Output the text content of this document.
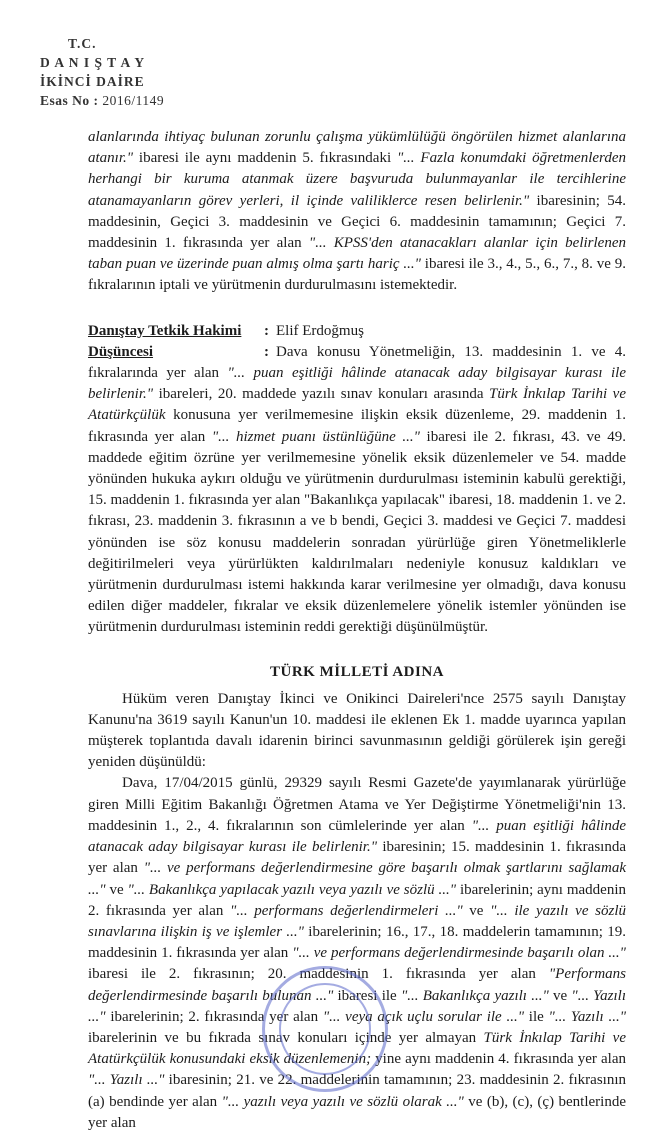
T.C.
D A N I Ş T A Y
İKİNCİ DAİRE
Esas No : 2016/1149

alanlarında ihtiyaç bulunan zorunlu çalışma yükümlülüğü öngörülen hizmet alanlarına atanır." ibaresi ile aynı maddenin 5. fıkrasındaki "... Fazla konumdaki öğretmenlerden herhangi bir kuruma atanmak üzere başvuruda bulunmayanlar ile tercihlerine atanamayanların görev yerleri, il içinde valiliklerce resen belirlenir." ibaresinin; 54. maddesinin, Geçici 3. maddesinin ve Geçici 6. maddesinin tamamının; Geçici 7. maddesinin 1. fıkrasında yer alan "... KPSS'den atanacakları alanlar için belirlenen taban puan ve üzerinde puan almış olma şartı hariç ..." ibaresi ile 3., 4., 5., 6., 7., 8. ve 9. fıkralarının iptali ve yürütmenin durdurulmasını istemektedir.

Danıştay Tetkik Hakimi	: Elif Erdoğmuş

Düşüncesi	: Dava konusu Yönetmeliğin, 13. maddesinin 1. ve 4. fıkralarında yer alan "... puan eşitliği hâlinde atanacak aday bilgisayar kurası ile belirlenir." ibareleri, 20. maddede yazılı sınav konuları arasında Türk İnkılap Tarihi ve Atatürkçülük konusuna yer verilmemesine ilişkin eksik düzenleme, 29. maddenin 1. fıkrasında yer alan "... hizmet puanı üstünlüğüne ..." ibaresi ile 2. fıkrası, 43. ve 49. maddede eğitim özrüne yer verilmemesine yönelik eksik düzenlemeler ve 54. madde yönünden hukuka aykırı olduğu ve yürütmenin durdurulması isteminin kabulü gerektiği, 15. maddenin 1. fıkrasında yer alan "Bakanlıkça yapılacak" ibaresi, 18. maddenin 1. ve 2. fıkrası, 23. maddenin 3. fıkrasının a ve b bendi, Geçici 3. maddesi ve Geçici 7. maddesi yönünden ise söz konusu maddelerin sonradan yürürlüğe giren Yönetmeliklerle değitirilmeleri veya yürürlükten kaldırılmaları nedeniyle konusuz kaldıkları ve yürütmenin durdurulması istemi hakkında karar verilmesine yer olmadığı, dava konusu edilen diğer maddeler, fıkralar ve eksik düzenlemelere yönelik istemler yönünden ise yürütmenin durdurulması isteminin reddi gerektiği düşünülmüştür.

TÜRK MİLLETİ ADINA

Hüküm veren Danıştay İkinci ve Onikinci Daireleri'nce 2575 sayılı Danıştay Kanunu'na 3619 sayılı Kanun'un 10. maddesi ile eklenen Ek 1. madde uyarınca yapılan müşterek toplantıda davalı idarenin birinci savunmasının geldiği görülerek işin gereği yeniden düşünüldü:

Dava, 17/04/2015 günlü, 29329 sayılı Resmi Gazete'de yayımlanarak yürürlüğe giren Milli Eğitim Bakanlığı Öğretmen Atama ve Yer Değiştirme Yönetmeliği'nin 13. maddesinin 1., 2., 4. fıkralarının son cümlelerinde yer alan "... puan eşitliği hâlinde atanacak aday bilgisayar kurası ile belirlenir." ibaresinin; 15. maddesinin 1. fıkrasında yer alan "... ve performans değerlendirmesine göre başarılı olmak şartlarını sağlamak ..." ve "... Bakanlıkça yapılacak yazılı veya yazılı ve sözlü ..." ibarelerinin; aynı maddenin 2. fıkrasında yer alan "... performans değerlendirmeleri ..." ve "... ile yazılı ve sözlü sınavlarına ilişkin iş ve işlemler ..." ibarelerinin; 16., 17., 18. maddelerin tamamının; 19. maddesinin 1. fıkrasında yer alan "... ve performans değerlendirmesinde başarılı olan ..." ibaresi ile 2. fıkrasının; 20. maddesinin 1. fıkrasında yer alan "Performans değerlendirmesinde başarılı bulunan ..." ibaresi ile "... Bakanlıkça yazılı ..." ve "... Yazılı ..." ibarelerinin; 2. fıkrasında yer alan "... veya açık uçlu sorular ile ..." ile "... Yazılı ..." ibarelerinin ve bu fıkrada sınav konuları içinde yer almayan Türk İnkılap Tarihi ve Atatürkçülük konusundaki eksik düzenlemenin; yine aynı maddenin 4. fıkrasında yer alan "... Yazılı ..." ibaresinin; 21. ve 22. maddelerinin tamamının; 23. maddesinin 2. fıkrasının (a) bendinde yer alan "... yazılı veya yazılı ve sözlü olarak ..." ve (b), (c), (ç) bentlerinde yer alan
